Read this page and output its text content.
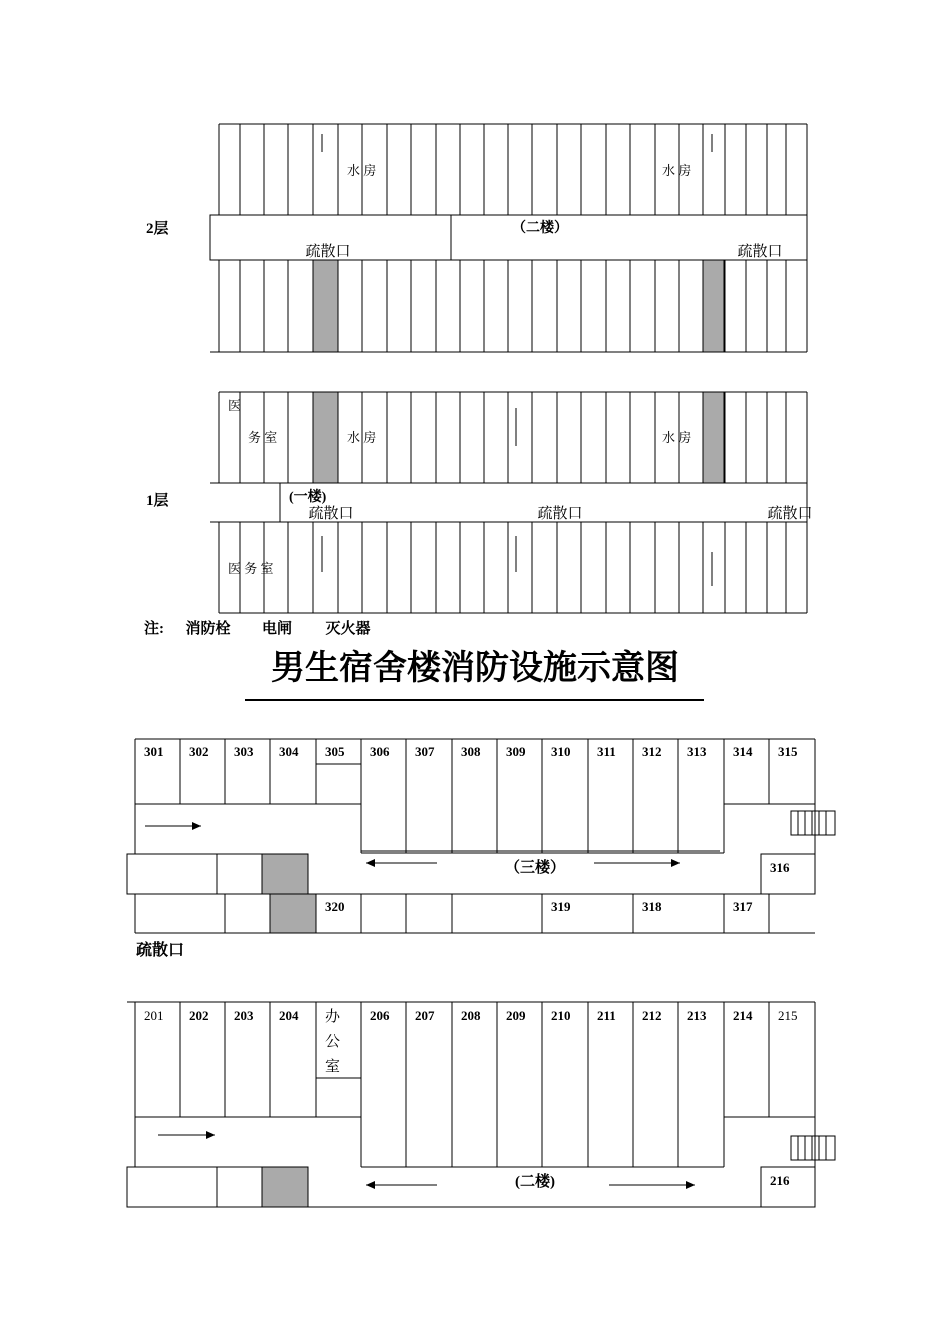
水 房	水 房
（二楼）
疏散口	疏散口
医
务 室	水 房	水 房
(一楼)
疏散口	疏散口	疏散口
医 务 室
301 302 303 304 305 306 307 308 309 310 311 312 313 314 315
316
（三楼）
320	319	318	317
201 202 203 204 办
公
室
206 207 208 209 210 211 212 213 214 215
216
(二楼)
2层
1层
注: 消防栓 电闸 灭火器
男生宿舍楼消防设施示意图
疏散口
